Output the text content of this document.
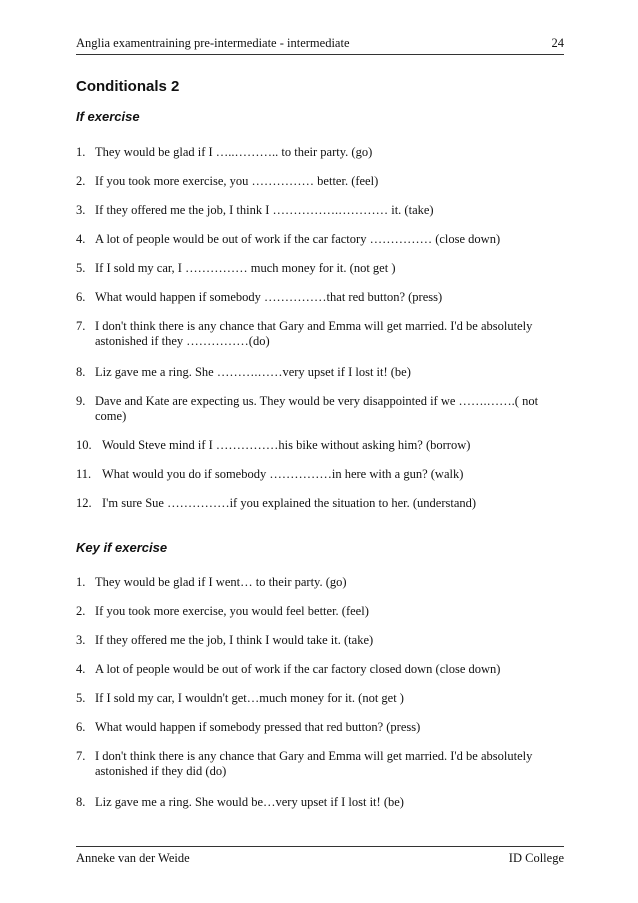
Anglia examentraining pre-intermediate - intermediate	24
Conditionals 2
If exercise
1. They would be glad if I …..……….. to their party. (go)
2. If you took more exercise, you …………… better. (feel)
3. If they offered me the job, I think I …………….………… it. (take)
4. A lot of people would be out of work if the car factory …………… (close down)
5. If I sold my car, I …………… much money for it. (not get )
6. What would happen if somebody ……………that red button? (press)
7. I don't think there is any chance that Gary and Emma will get married. I'd be absolutely astonished if they ……………(do)
8. Liz gave me a ring. She ……….……very upset if I lost it! (be)
9. Dave and Kate are expecting us. They would be very disappointed if we …….…….( not come)
10. Would Steve mind if I ……………his bike without asking him? (borrow)
11. What would you do if somebody ……………in here with a gun? (walk)
12. I'm sure Sue ……………if you explained the situation to her. (understand)
Key if exercise
1. They would be glad if I went… to their party. (go)
2. If you took more exercise, you would feel better. (feel)
3. If they offered me the job, I think I would take it. (take)
4. A lot of people would be out of work if the car factory closed down (close down)
5. If I sold my car, I wouldn't get…much money for it. (not get )
6. What would happen if somebody pressed that red button? (press)
7. I don't think there is any chance that Gary and Emma will get married. I'd be absolutely astonished if they did (do)
8. Liz gave me a ring. She would be…very upset if I lost it! (be)
Anneke van der Weide	ID College
